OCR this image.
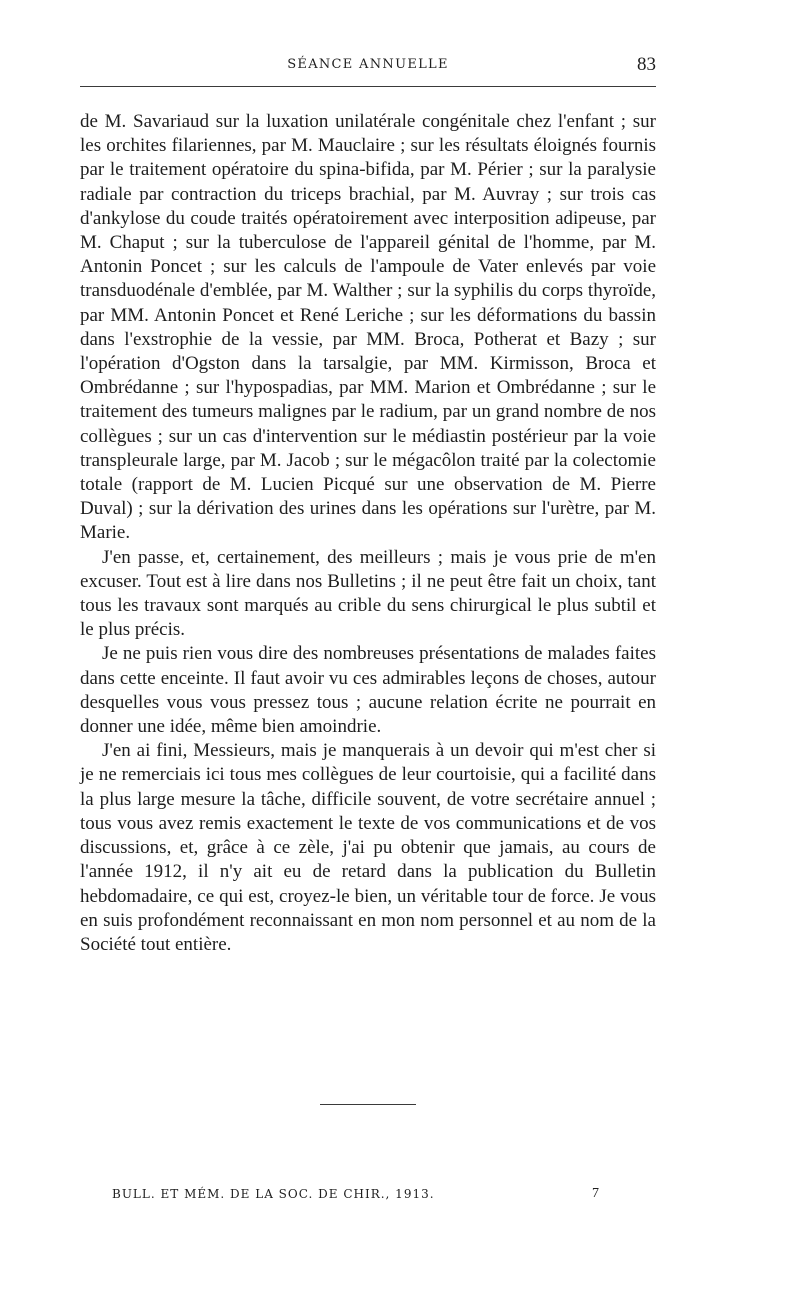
SÉANCE ANNUELLE	83

de M. Savariaud sur la luxation unilatérale congénitale chez l'enfant ; sur les orchites filariennes, par M. Mauclaire ; sur les résultats éloignés fournis par le traitement opératoire du spina-bifida, par M. Périer ; sur la paralysie radiale par contraction du triceps brachial, par M. Auvray ; sur trois cas d'ankylose du coude traités opératoirement avec interposition adipeuse, par M. Chaput ; sur la tuberculose de l'appareil génital de l'homme, par M. Antonin Poncet ; sur les calculs de l'ampoule de Vater enlevés par voie transduodénale d'emblée, par M. Walther ; sur la syphilis du corps thyroïde, par MM. Antonin Poncet et René Leriche ; sur les déformations du bassin dans l'exstrophie de la vessie, par MM. Broca, Potherat et Bazy ; sur l'opération d'Ogston dans la tarsalgie, par MM. Kirmisson, Broca et Ombrédanne ; sur l'hypospadias, par MM. Marion et Ombrédanne ; sur le traitement des tumeurs malignes par le radium, par un grand nombre de nos collègues ; sur un cas d'intervention sur le médiastin postérieur par la voie transpleurale large, par M. Jacob ; sur le mégacôlon traité par la colectomie totale (rapport de M. Lucien Picqué sur une observation de M. Pierre Duval) ; sur la dérivation des urines dans les opérations sur l'urètre, par M. Marie.

J'en passe, et, certainement, des meilleurs ; mais je vous prie de m'en excuser. Tout est à lire dans nos Bulletins ; il ne peut être fait un choix, tant tous les travaux sont marqués au crible du sens chirurgical le plus subtil et le plus précis.

Je ne puis rien vous dire des nombreuses présentations de malades faites dans cette enceinte. Il faut avoir vu ces admirables leçons de choses, autour desquelles vous vous pressez tous ; aucune relation écrite ne pourrait en donner une idée, même bien amoindrie.

J'en ai fini, Messieurs, mais je manquerais à un devoir qui m'est cher si je ne remerciais ici tous mes collègues de leur courtoisie, qui a facilité dans la plus large mesure la tâche, difficile souvent, de votre secrétaire annuel ; tous vous avez remis exactement le texte de vos communications et de vos discussions, et, grâce à ce zèle, j'ai pu obtenir que jamais, au cours de l'année 1912, il n'y ait eu de retard dans la publication du Bulletin hebdomadaire, ce qui est, croyez-le bien, un véritable tour de force. Je vous en suis profondément reconnaissant en mon nom personnel et au nom de la Société tout entière.

BULL. ET MÉM. DE LA SOC. DE CHIR., 1913.	7
